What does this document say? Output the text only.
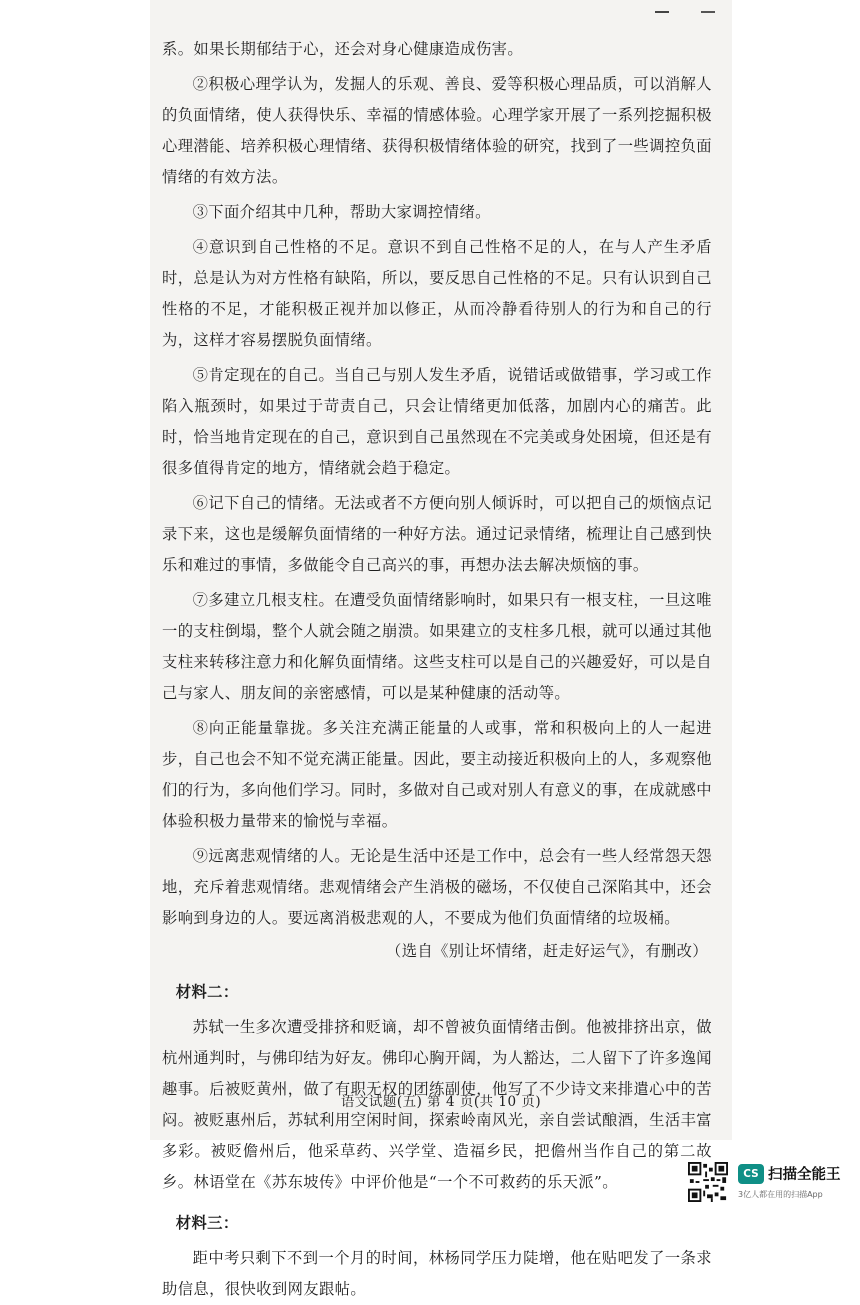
系。如果长期郁结于心，还会对身心健康造成伤害。

②积极心理学认为，发掘人的乐观、善良、爱等积极心理品质，可以消解人的负面情绪，使人获得快乐、幸福的情感体验。心理学家开展了一系列挖掘积极心理潜能、培养积极心理情绪、获得积极情绪体验的研究，找到了一些调控负面情绪的有效方法。

③下面介绍其中几种，帮助大家调控情绪。

④意识到自己性格的不足。意识不到自己性格不足的人，在与人产生矛盾时，总是认为对方性格有缺陷，所以，要反思自己性格的不足。只有认识到自己性格的不足，才能积极正视并加以修正，从而冷静看待别人的行为和自己的行为，这样才容易摆脱负面情绪。

⑤肯定现在的自己。当自己与别人发生矛盾，说错话或做错事，学习或工作陷入瓶颈时，如果过于苛责自己，只会让情绪更加低落，加剧内心的痛苦。此时，恰当地肯定现在的自己，意识到自己虽然现在不完美或身处困境，但还是有很多值得肯定的地方，情绪就会趋于稳定。

⑥记下自己的情绪。无法或者不方便向别人倾诉时，可以把自己的烦恼点记录下来，这也是缓解负面情绪的一种好方法。通过记录情绪，梳理让自己感到快乐和难过的事情，多做能令自己高兴的事，再想办法去解决烦恼的事。

⑦多建立几根支柱。在遭受负面情绪影响时，如果只有一根支柱，一旦这唯一的支柱倒塌，整个人就会随之崩溃。如果建立的支柱多几根，就可以通过其他支柱来转移注意力和化解负面情绪。这些支柱可以是自己的兴趣爱好，可以是自己与家人、朋友间的亲密感情，可以是某种健康的活动等。

⑧向正能量靠拢。多关注充满正能量的人或事，常和积极向上的人一起进步，自己也会不知不觉充满正能量。因此，要主动接近积极向上的人，多观察他们的行为，多向他们学习。同时，多做对自己或对别人有意义的事，在成就感中体验积极力量带来的愉悦与幸福。

⑨远离悲观情绪的人。无论是生活中还是工作中，总会有一些人经常怨天怨地，充斥着悲观情绪。悲观情绪会产生消极的磁场，不仅使自己深陷其中，还会影响到身边的人。要远离消极悲观的人，不要成为他们负面情绪的垃圾桶。

（选自《别让坏情绪，赶走好运气》，有删改）

材料二：

苏轼一生多次遭受排挤和贬谪，却不曾被负面情绪击倒。他被排挤出京，做杭州通判时，与佛印结为好友。佛印心胸开阔，为人豁达，二人留下了许多逸闻趣事。后被贬黄州，做了有职无权的团练副使，他写了不少诗文来排遣心中的苦闷。被贬惠州后，苏轼利用空闲时间，探索岭南风光，亲自尝试酿酒，生活丰富多彩。被贬儋州后，他采草药、兴学堂、造福乡民，把儋州当作自己的第二故乡。林语堂在《苏东坡传》中评价他是“一个不可救药的乐天派”。

材料三：

距中考只剩下不到一个月的时间，林杨同学压力陡增，他在贴吧发了一条求助信息，很快收到网友跟帖。

语文试题(五) 第 4 页(共 10 页)
CS 扫描全能王
3亿人都在用的扫描App
